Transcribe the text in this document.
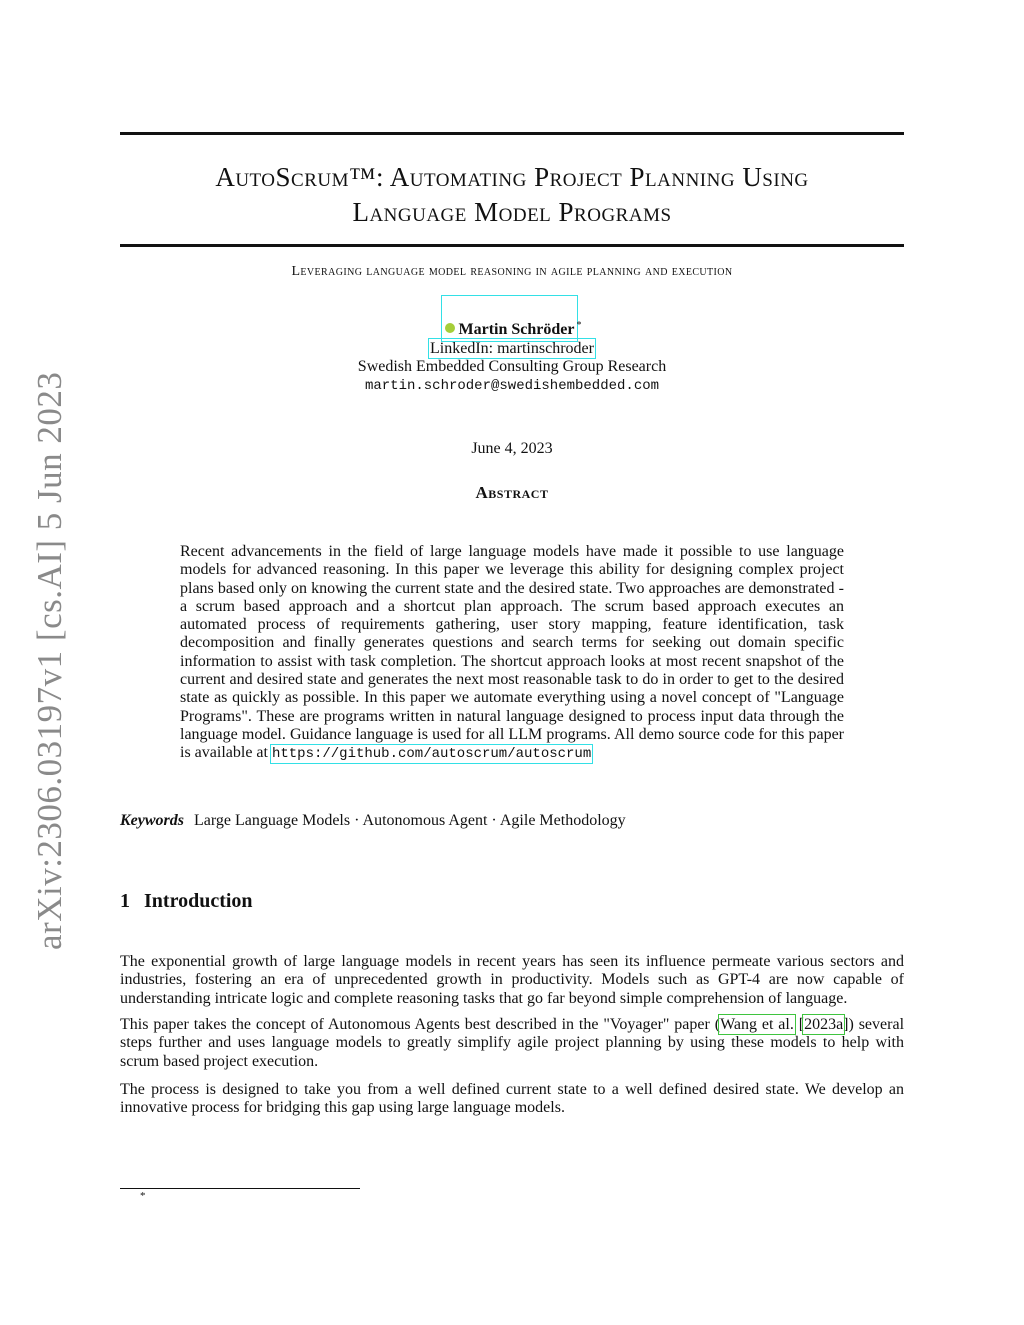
arXiv:2306.03197v1 [cs.AI] 5 Jun 2023
AutoScrum™: Automating Project Planning Using
Language Model Programs
Leveraging language model reasoning in agile planning and execution
Martin Schröder *
LinkedIn: martinschroder
Swedish Embedded Consulting Group Research
martin.schroder@swedishembedded.com
June 4, 2023
Abstract
Recent advancements in the field of large language models have made it possible to use language models for advanced reasoning. In this paper we leverage this ability for designing complex project plans based only on knowing the current state and the desired state. Two approaches are demonstrated - a scrum based approach and a shortcut plan approach. The scrum based approach executes an automated process of requirements gathering, user story mapping, feature identification, task decomposition and finally generates questions and search terms for seeking out domain specific information to assist with task completion. The shortcut approach looks at most recent snapshot of the current and desired state and generates the next most reasonable task to do in order to get to the desired state as quickly as possible. In this paper we automate everything using a novel concept of "Language Programs". These are programs written in natural language designed to process input data through the language model. Guidance language is used for all LLM programs. All demo source code for this paper is available at https://github.com/autoscrum/autoscrum
Keywords Large Language Models · Autonomous Agent · Agile Methodology
1 Introduction
The exponential growth of large language models in recent years has seen its influence permeate various sectors and industries, fostering an era of unprecedented growth in productivity. Models such as GPT-4 are now capable of understanding intricate logic and complete reasoning tasks that go far beyond simple comprehension of language.
This paper takes the concept of Autonomous Agents best described in the "Voyager" paper (Wang et al. [2023a]) several steps further and uses language models to greatly simplify agile project planning by using these models to help with scrum based project execution.
The process is designed to take you from a well defined current state to a well defined desired state. We develop an innovative process for bridging this gap using large language models.
*
